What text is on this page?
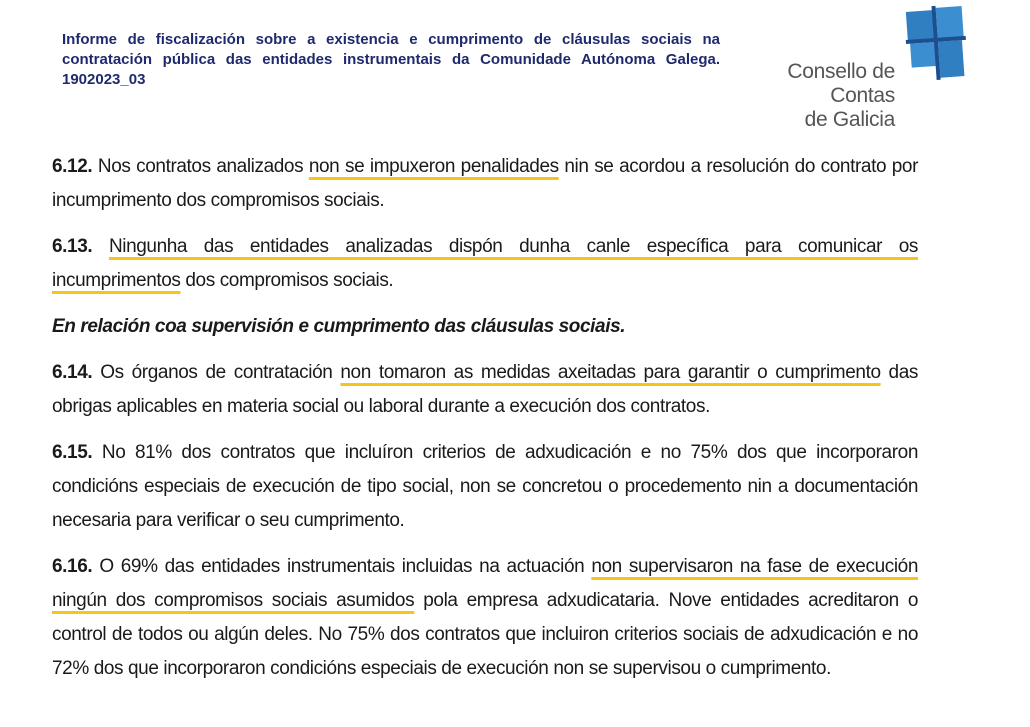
Informe de fiscalización sobre a existencia e cumprimento de cláusulas sociais na contratación pública das entidades instrumentais da Comunidade Autónoma Galega. 1902023_03	Consello de Contas
de Galicia

6.12. Nos contratos analizados non se impuxeron penalidades nin se acordou a resolución do contrato por incumprimento dos compromisos sociais.

6.13. Ningunha das entidades analizadas dispón dunha canle específica para comunicar os incumprimentos dos compromisos sociais.

En relación coa supervisión e cumprimento das cláusulas sociais.

6.14. Os órganos de contratación non tomaron as medidas axeitadas para garantir o cumprimento das obrigas aplicables en materia social ou laboral durante a execución dos contratos.

6.15. No 81% dos contratos que incluíron criterios de adxudicación e no 75% dos que incorporaron condicións especiais de execución de tipo social, non se concretou o procedemento nin a documentación necesaria para verificar o seu cumprimento.

6.16. O 69% das entidades instrumentais incluidas na actuación non supervisaron na fase de execución ningún dos compromisos sociais asumidos pola empresa adxudicataria. Nove entidades acreditaron o control de todos ou algún deles. No 75% dos contratos que incluiron criterios sociais de adxudicación e no 72% dos que incorporaron condicións especiais de execución non se supervisou o cumprimento.
